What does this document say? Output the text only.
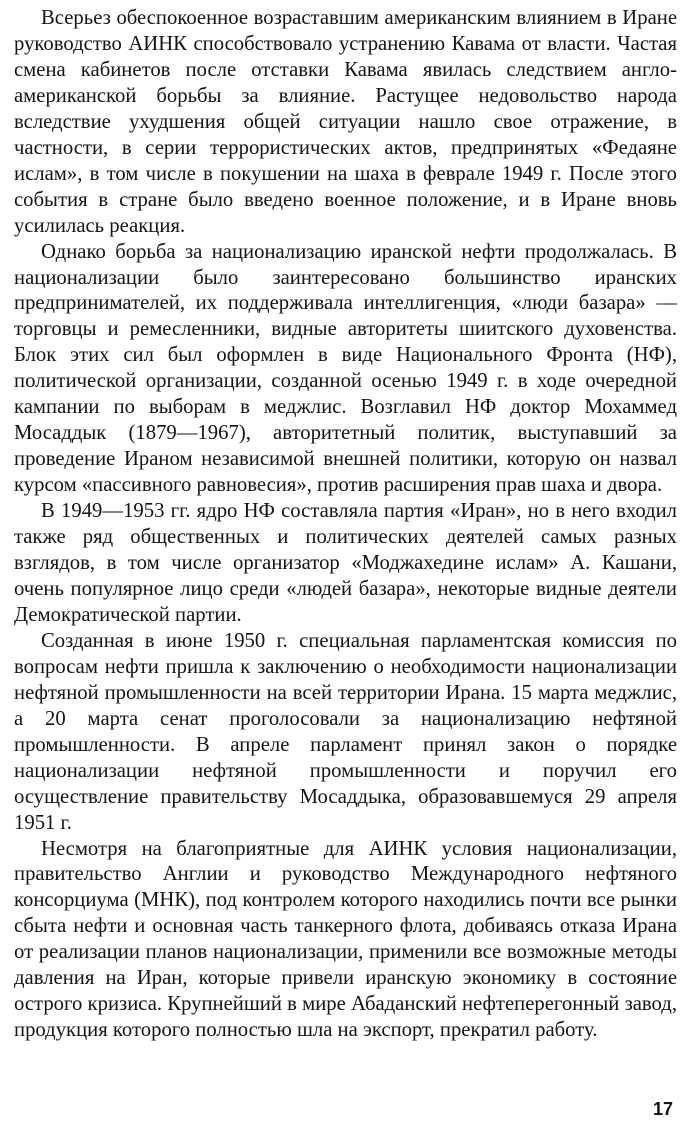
Всерьез обеспокоенное возраставшим американским влиянием в Иране руководство АИНК способствовало устранению Кавама от власти. Частая смена кабинетов после отставки Кавама явилась следствием англо-американской борьбы за влияние. Растущее недовольство народа вследствие ухудшения общей ситуации нашло свое отражение, в частности, в серии террористических актов, предпринятых «Федаяне ислам», в том числе в покушении на шаха в феврале 1949 г. После этого события в стране было введено военное положение, и в Иране вновь усилилась реакция.

Однако борьба за национализацию иранской нефти продолжалась. В национализации было заинтересовано большинство иранских предпринимателей, их поддерживала интеллигенция, «люди базара» — торговцы и ремесленники, видные авторитеты шиитского духовенства. Блок этих сил был оформлен в виде Национального Фронта (НФ), политической организации, созданной осенью 1949 г. в ходе очередной кампании по выборам в меджлис. Возглавил НФ доктор Мохаммед Мосаддык (1879—1967), авторитетный политик, выступавший за проведение Ираном независимой внешней политики, которую он назвал курсом «пассивного равновесия», против расширения прав шаха и двора.

В 1949—1953 гг. ядро НФ составляла партия «Иран», но в него входил также ряд общественных и политических деятелей самых разных взглядов, в том числе организатор «Моджахедине ислам» А. Кашани, очень популярное лицо среди «людей базара», некоторые видные деятели Демократической партии.

Созданная в июне 1950 г. специальная парламентская комиссия по вопросам нефти пришла к заключению о необходимости национализации нефтяной промышленности на всей территории Ирана. 15 марта меджлис, а 20 марта сенат проголосовали за национализацию нефтяной промышленности. В апреле парламент принял закон о порядке национализации нефтяной промышленности и поручил его осуществление правительству Мосаддыка, образовавшемуся 29 апреля 1951 г.

Несмотря на благоприятные для АИНК условия национализации, правительство Англии и руководство Международного нефтяного консорциума (МНК), под контролем которого находились почти все рынки сбыта нефти и основная часть танкерного флота, добиваясь отказа Ирана от реализации планов национализации, применили все возможные методы давления на Иран, которые привели иранскую экономику в состояние острого кризиса. Крупнейший в мире Абаданский нефтеперегонный завод, продукция которого полностью шла на экспорт, прекратил работу.

17
